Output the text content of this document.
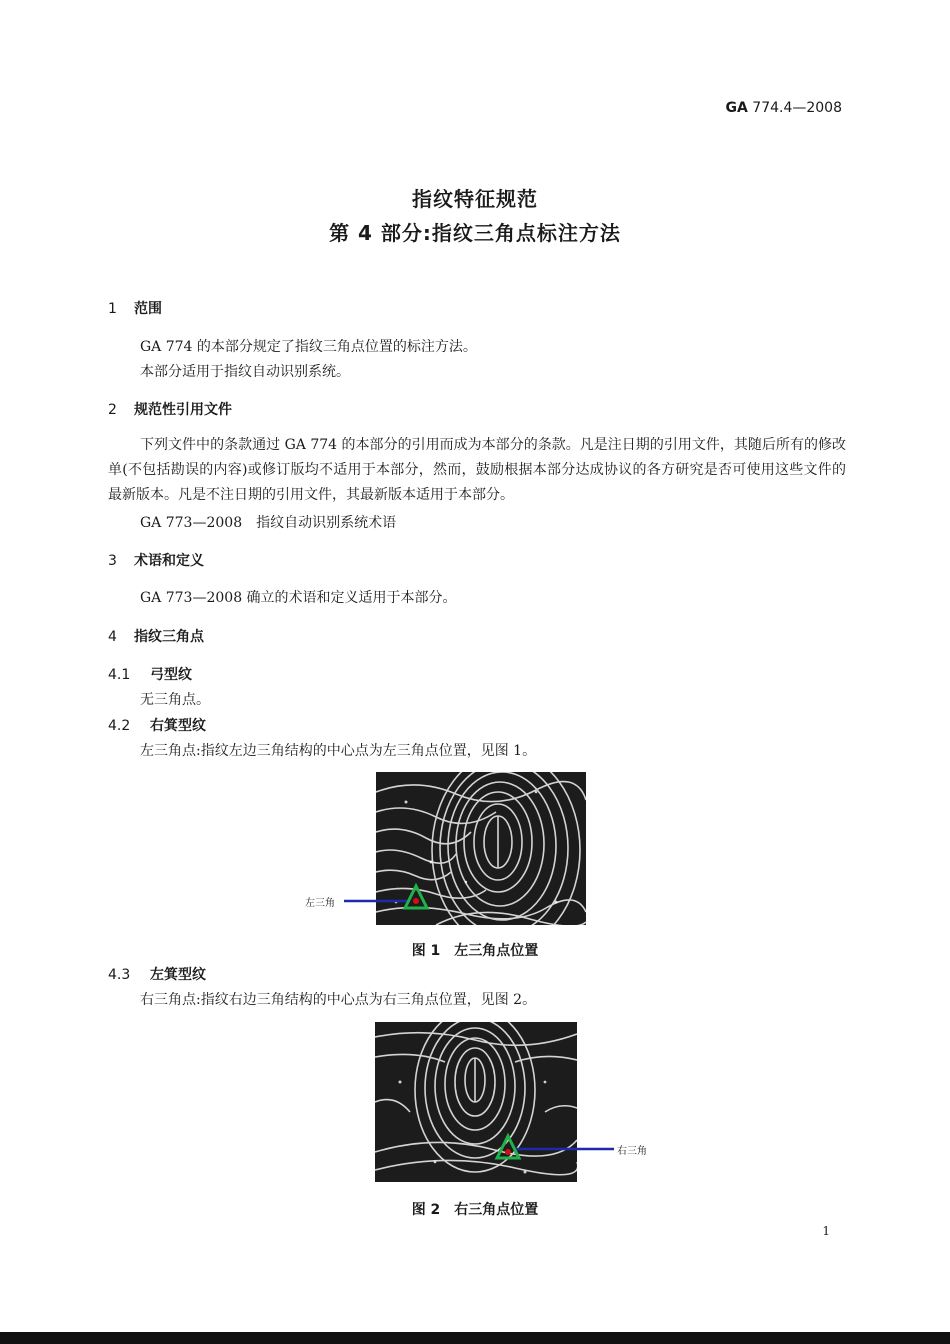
GA 774.4—2008
指纹特征规范
第 4 部分:指纹三角点标注方法
1 范围
GA 774 的本部分规定了指纹三角点位置的标注方法。
本部分适用于指纹自动识别系统。
2 规范性引用文件
下列文件中的条款通过 GA 774 的本部分的引用而成为本部分的条款。凡是注日期的引用文件，其随后所有的修改单(不包括勘误的内容)或修订版均不适用于本部分，然而，鼓励根据本部分达成协议的各方研究是否可使用这些文件的最新版本。凡是不注日期的引用文件，其最新版本适用于本部分。
GA 773—2008　指纹自动识别系统术语
3 术语和定义
GA 773—2008 确立的术语和定义适用于本部分。
4 指纹三角点
4.1 弓型纹
无三角点。
4.2 右箕型纹
左三角点:指纹左边三角结构的中心点为左三角点位置，见图 1。
左三角
图 1　左三角点位置
4.3 左箕型纹
右三角点:指纹右边三角结构的中心点为右三角点位置，见图 2。
右三角
图 2　右三角点位置
1
